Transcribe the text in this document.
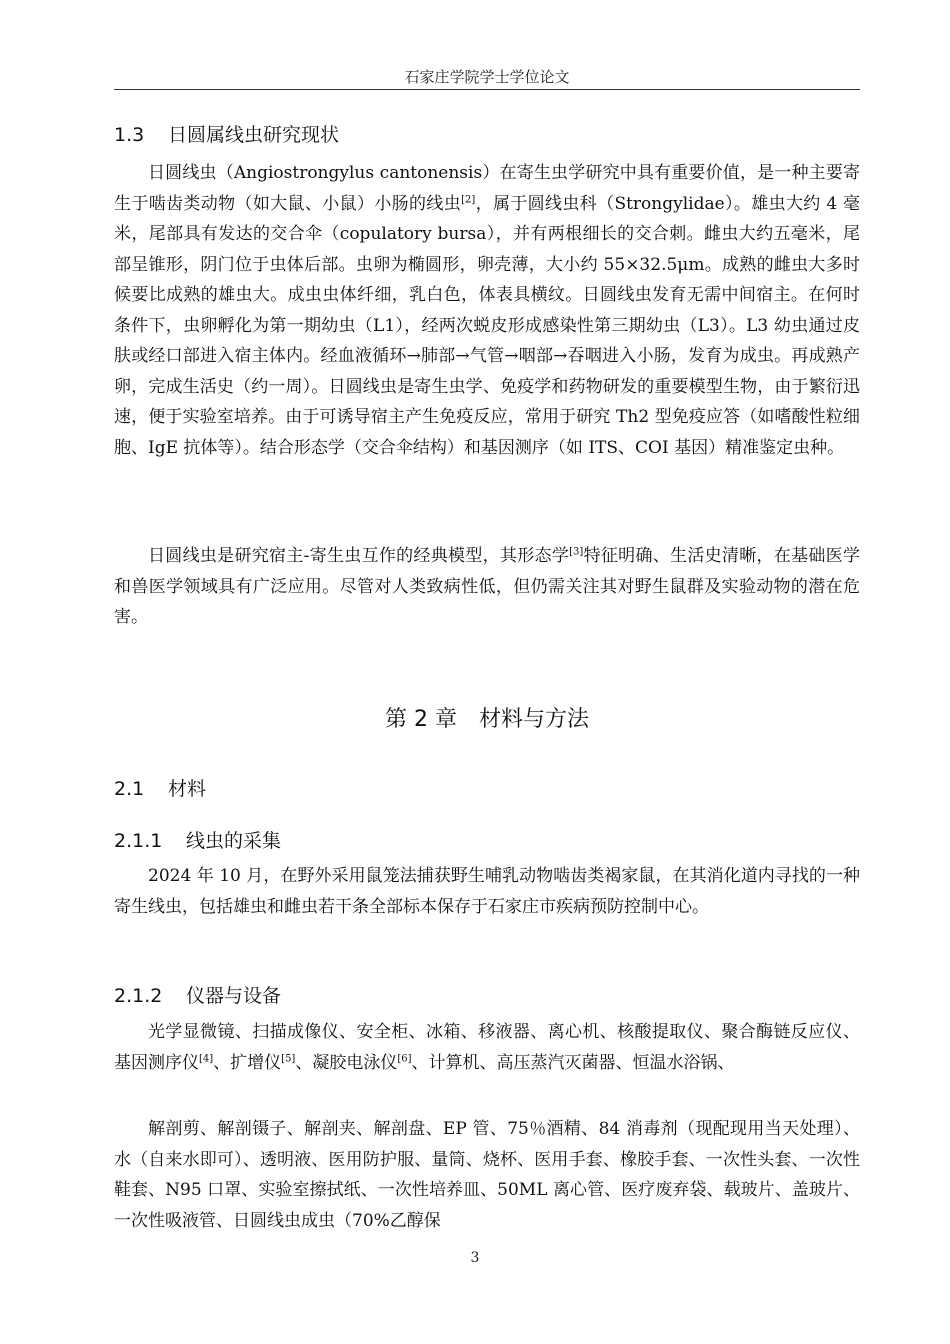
石家庄学院学士学位论文
1.3 日圆属线虫研究现状
日圆线虫（Angiostrongylus cantonensis）在寄生虫学研究中具有重要价值，是一种主要寄生于啮齿类动物（如大鼠、小鼠）小肠的线虫[2]，属于圆线虫科（Strongylidae）。雄虫大约 4 毫米，尾部具有发达的交合伞（copulatory bursa），并有两根细长的交合刺。雌虫大约五毫米，尾部呈锥形，阴门位于虫体后部。虫卵为椭圆形，卵壳薄，大小约 55×32.5μm。成熟的雌虫大多时候要比成熟的雄虫大。成虫虫体纤细，乳白色，体表具横纹。日圆线虫发育无需中间宿主。在何时条件下，虫卵孵化为第一期幼虫（L1），经两次蜕皮形成感染性第三期幼虫（L3）。L3 幼虫通过皮肤或经口部进入宿主体内。经血液循环→肺部→气管→咽部→吞咽进入小肠，发育为成虫。再成熟产卵，完成生活史（约一周）。日圆线虫是寄生虫学、免疫学和药物研发的重要模型生物，由于繁衍迅速，便于实验室培养。由于可诱导宿主产生免疫反应，常用于研究 Th2 型免疫应答（如嗜酸性粒细胞、IgE 抗体等）。结合形态学（交合伞结构）和基因测序（如 ITS、COI 基因）精准鉴定虫种。
日圆线虫是研究宿主-寄生虫互作的经典模型，其形态学[3]特征明确、生活史清晰，在基础医学和兽医学领域具有广泛应用。尽管对人类致病性低，但仍需关注其对野生鼠群及实验动物的潜在危害。
第 2 章　材料与方法
2.1 材料
2.1.1 线虫的采集
2024 年 10 月，在野外采用鼠笼法捕获野生哺乳动物啮齿类褐家鼠，在其消化道内寻找的一种寄生线虫，包括雄虫和雌虫若干条全部标本保存于石家庄市疾病预防控制中心。
2.1.2 仪器与设备
光学显微镜、扫描成像仪、安全柜、冰箱、移液器、离心机、核酸提取仪、聚合酶链反应仪、基因测序仪[4]、扩增仪[5]、凝胶电泳仪[6]、计算机、高压蒸汽灭菌器、恒温水浴锅、
解剖剪、解剖镊子、解剖夹、解剖盘、EP 管、75％酒精、84 消毒剂（现配现用当天处理）、水（自来水即可）、透明液、医用防护服、量筒、烧杯、医用手套、橡胶手套、一次性头套、一次性鞋套、N95 口罩、实验室擦拭纸、一次性培养皿、50ML 离心管、医疗废弃袋、载玻片、盖玻片、一次性吸液管、日圆线虫成虫（70%乙醇保
3
